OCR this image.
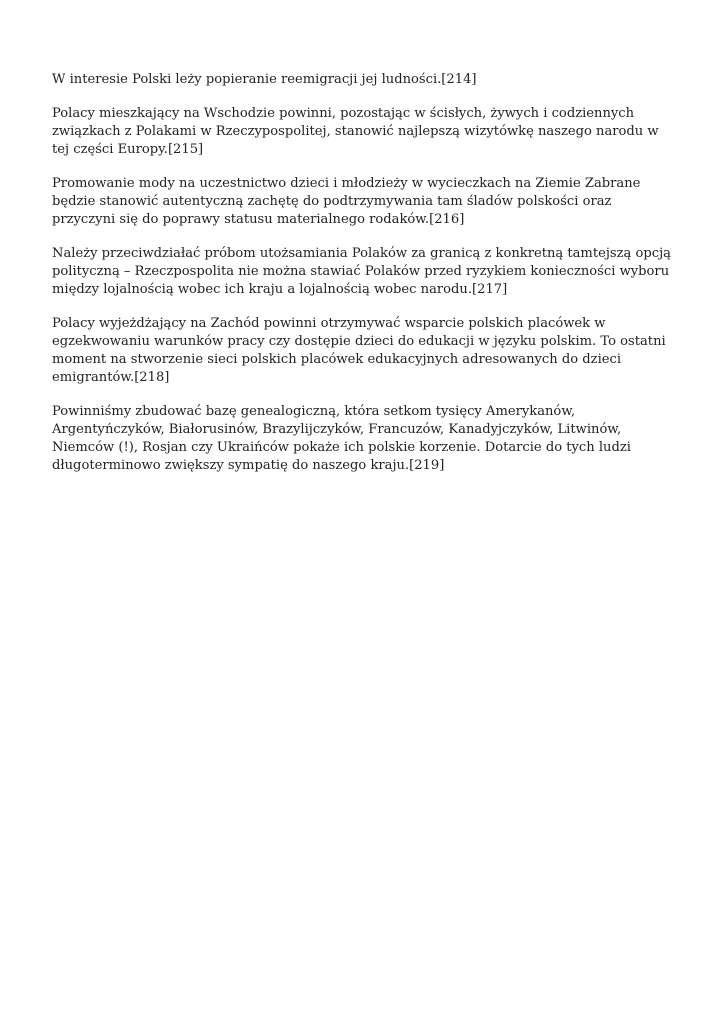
W interesie Polski leży popieranie reemigracji jej ludności.[214]

Polacy mieszkający na Wschodzie powinni, pozostając w ścisłych, żywych i codziennych związkach z Polakami w Rzeczypospolitej, stanowić najlepszą wizytówkę naszego narodu w tej części Europy.[215]

Promowanie mody na uczestnictwo dzieci i młodzieży w wycieczkach na Ziemie Zabrane będzie stanowić autentyczną zachętę do podtrzymywania tam śladów polskości oraz przyczyni się do poprawy statusu materialnego rodaków.[216]

Należy przeciwdziałać próbom utożsamiania Polaków za granicą z konkretną tamtejszą opcją polityczną – Rzeczpospolita nie można stawiać Polaków przed ryzykiem konieczności wyboru między lojalnością wobec ich kraju a lojalnością wobec narodu.[217]

Polacy wyjeżdżający na Zachód powinni otrzymywać wsparcie polskich placówek w egzekwowaniu warunków pracy czy dostępie dzieci do edukacji w języku polskim. To ostatni moment na stworzenie sieci polskich placówek edukacyjnych adresowanych do dzieci emigrantów.[218]

Powinniśmy zbudować bazę genealogiczną, która setkom tysięcy Amerykanów, Argentyńczyków, Białorusinów, Brazylijczyków, Francuzów, Kanadyjczyków, Litwinów, Niemców (!), Rosjan czy Ukraińców pokaże ich polskie korzenie. Dotarcie do tych ludzi długoterminowo zwiększy sympatię do naszego kraju.[219]
